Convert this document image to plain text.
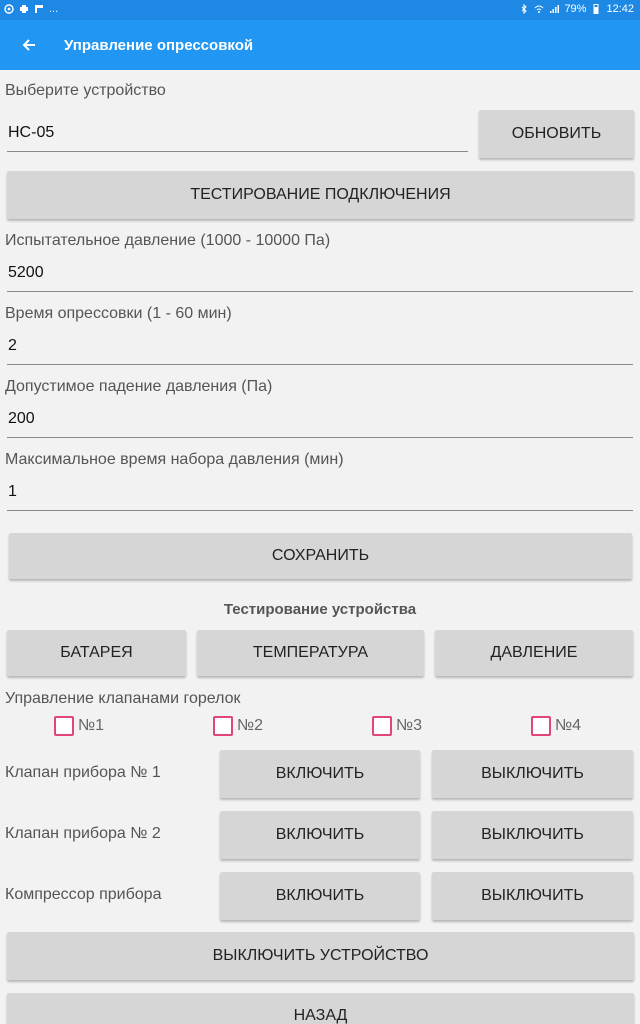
...	79% 12:42
Управление опрессовкой
Выберите устройство
HC-05	ОБНОВИТЬ
ТЕСТИРОВАНИЕ ПОДКЛЮЧЕНИЯ
Испытательное давление (1000 - 10000 Па)
5200
Время опрессовки (1 - 60 мин)
2
Допустимое падение давления (Па)
200
Максимальное время набора давления (мин)
1
СОХРАНИТЬ
Тестирование устройства
БАТАРЕЯ	ТЕМПЕРАТУРА	ДАВЛЕНИЕ
Управление клапанами горелок
№1	№2	№3	№4
Клапан прибора № 1	ВКЛЮЧИТЬ	ВЫКЛЮЧИТЬ
Клапан прибора № 2	ВКЛЮЧИТЬ	ВЫКЛЮЧИТЬ
Компрессор прибора	ВКЛЮЧИТЬ	ВЫКЛЮЧИТЬ
ВЫКЛЮЧИТЬ УСТРОЙСТВО
НАЗАД
